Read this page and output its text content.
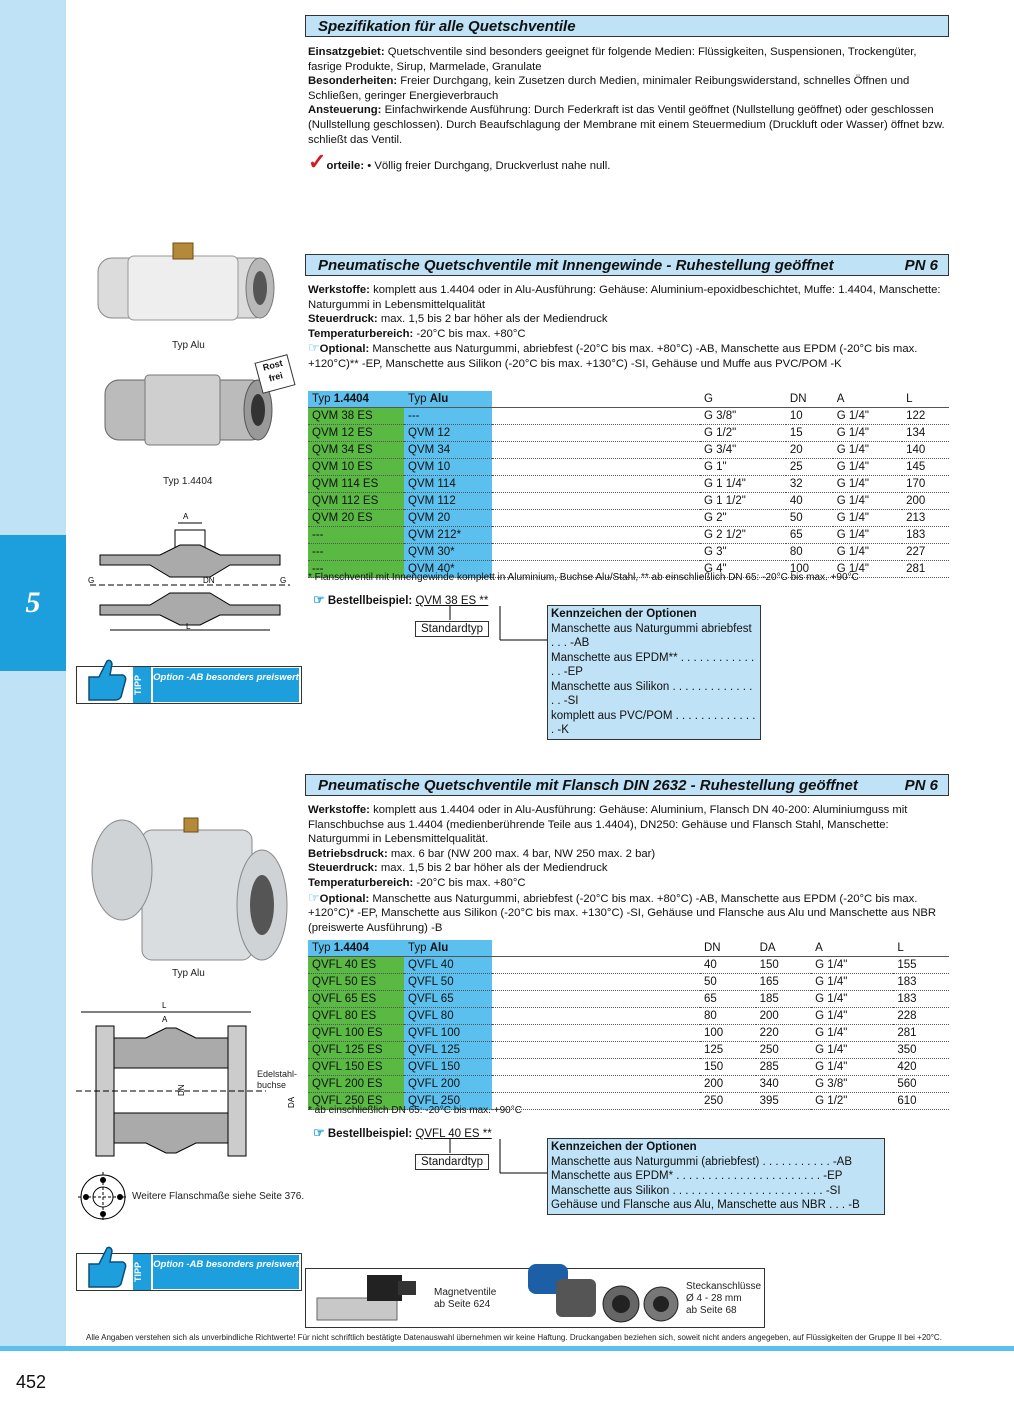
5
Spezifikation für alle Quetschventile
Einsatzgebiet: Quetschventile sind besonders geeignet für folgende Medien: Flüssigkeiten, Suspensionen, Trockengüter, fasrige Produkte, Sirup, Marmelade, Granulate
Besonderheiten: Freier Durchgang, kein Zusetzen durch Medien, minimaler Reibungswiderstand, schnelles Öffnen und Schließen, geringer Energieverbrauch
Ansteuerung: Einfachwirkende Ausführung: Durch Federkraft ist das Ventil geöffnet (Nullstellung geöffnet) oder geschlossen (Nullstellung geschlossen). Durch Beaufschlagung der Membrane mit einem Steuermedium (Druckluft oder Wasser) öffnet bzw. schließt das Ventil.
✓orteile: • Völlig freier Durchgang, Druckverlust nahe null.
Typ Alu
Rost frei
Typ 1.4404
A
G	G
DN
L
TIPP	Option -AB besonders preiswert
Pneumatische Quetschventile mit Innengewinde - Ruhestellung geöffnet	PN 6
Werkstoffe: komplett aus 1.4404 oder in Alu-Ausführung: Gehäuse: Aluminium-epoxidbeschichtet, Muffe: 1.4404, Manschette: Naturgummi in Lebensmittelqualität
Steuerdruck: max. 1,5 bis 2 bar höher als der Mediendruck
Temperaturbereich: -20°C bis max. +80°C
☞Optional: Manschette aus Naturgummi, abriebfest (-20°C bis max. +80°C) -AB, Manschette aus EPDM (-20°C bis max. +120°C)** -EP, Manschette aus Silikon (-20°C bis max. +130°C) -SI, Gehäuse und Muffe aus PVC/POM -K
Typ 1.4404	Typ Alu		G	DN	A	L
QVM 38 ES	---		G 3/8"	10	G 1/4"	122
QVM 12 ES	QVM 12		G 1/2"	15	G 1/4"	134
QVM 34 ES	QVM 34		G 3/4"	20	G 1/4"	140
QVM 10 ES	QVM 10		G 1"	25	G 1/4"	145
QVM 114 ES	QVM 114		G 1 1/4"	32	G 1/4"	170
QVM 112 ES	QVM 112		G 1 1/2"	40	G 1/4"	200
QVM 20 ES	QVM 20		G 2"	50	G 1/4"	213
---	QVM 212*		G 2 1/2"	65	G 1/4"	183
---	QVM 30*		G 3"	80	G 1/4"	227
---	QVM 40*		G 4"	100	G 1/4"	281
* Flanschventil mit Innengewinde komplett in Aluminium, Buchse Alu/Stahl, ** ab einschließlich DN 65: -20°C bis max. +90°C
☞ Bestellbeispiel: QVM 38 ES **
Standardtyp
Kennzeichen der Optionen
Manschette aus Naturgummi abriebfest . . . -AB
Manschette aus EPDM** . . . . . . . . . . . . . . -EP
Manschette aus Silikon . . . . . . . . . . . . . . . -SI
komplett aus PVC/POM . . . . . . . . . . . . . . -K
Typ Alu
L
A
DN
DA
Edelstahl-buchse
Weitere Flanschmaße siehe Seite 376.
TIPP	Option -AB besonders preiswert
Pneumatische Quetschventile mit Flansch DIN 2632 - Ruhestellung geöffnet	PN 6
Werkstoffe: komplett aus 1.4404 oder in Alu-Ausführung: Gehäuse: Aluminium, Flansch DN 40-200: Aluminiumguss mit Flanschbuchse aus 1.4404 (medienberührende Teile aus 1.4404), DN250: Gehäuse und Flansch Stahl, Manschette: Naturgummi in Lebensmittelqualität.
Betriebsdruck: max. 6 bar (NW 200 max. 4 bar, NW 250 max. 2 bar)
Steuerdruck: max. 1,5 bis 2 bar höher als der Mediendruck
Temperaturbereich: -20°C bis max. +80°C
☞Optional: Manschette aus Naturgummi, abriebfest (-20°C bis max. +80°C) -AB, Manschette aus EPDM (-20°C bis max. +120°C)* -EP, Manschette aus Silikon (-20°C bis max. +130°C) -SI, Gehäuse und Flansche aus Alu und Manschette aus NBR (preiswerte Ausführung) -B
Typ 1.4404	Typ Alu		DN	DA	A	L
QVFL 40 ES	QVFL 40		40	150	G 1/4"	155
QVFL 50 ES	QVFL 50		50	165	G 1/4"	183
QVFL 65 ES	QVFL 65		65	185	G 1/4"	183
QVFL 80 ES	QVFL 80		80	200	G 1/4"	228
QVFL 100 ES	QVFL 100		100	220	G 1/4"	281
QVFL 125 ES	QVFL 125		125	250	G 1/4"	350
QVFL 150 ES	QVFL 150		150	285	G 1/4"	420
QVFL 200 ES	QVFL 200		200	340	G 3/8"	560
QVFL 250 ES	QVFL 250		250	395	G 1/2"	610
* ab einschließlich DN 65: -20°C bis max. +90°C
☞ Bestellbeispiel: QVFL 40 ES **
Standardtyp
Kennzeichen der Optionen
Manschette aus Naturgummi (abriebfest) . . . . . . . . . . . -AB
Manschette aus EPDM* . . . . . . . . . . . . . . . . . . . . . . . -EP
Manschette aus Silikon . . . . . . . . . . . . . . . . . . . . . . . . -SI
Gehäuse und Flansche aus Alu, Manschette aus NBR . . . -B
Magnetventile ab Seite 624
Steckanschlüsse
Ø 4 - 28 mm
ab Seite 68
Alle Angaben verstehen sich als unverbindliche Richtwerte! Für nicht schriftlich bestätigte Datenauswahl übernehmen wir keine Haftung. Druckangaben beziehen sich, soweit nicht anders angegeben, auf Flüssigkeiten der Gruppe II bei +20°C.
452
